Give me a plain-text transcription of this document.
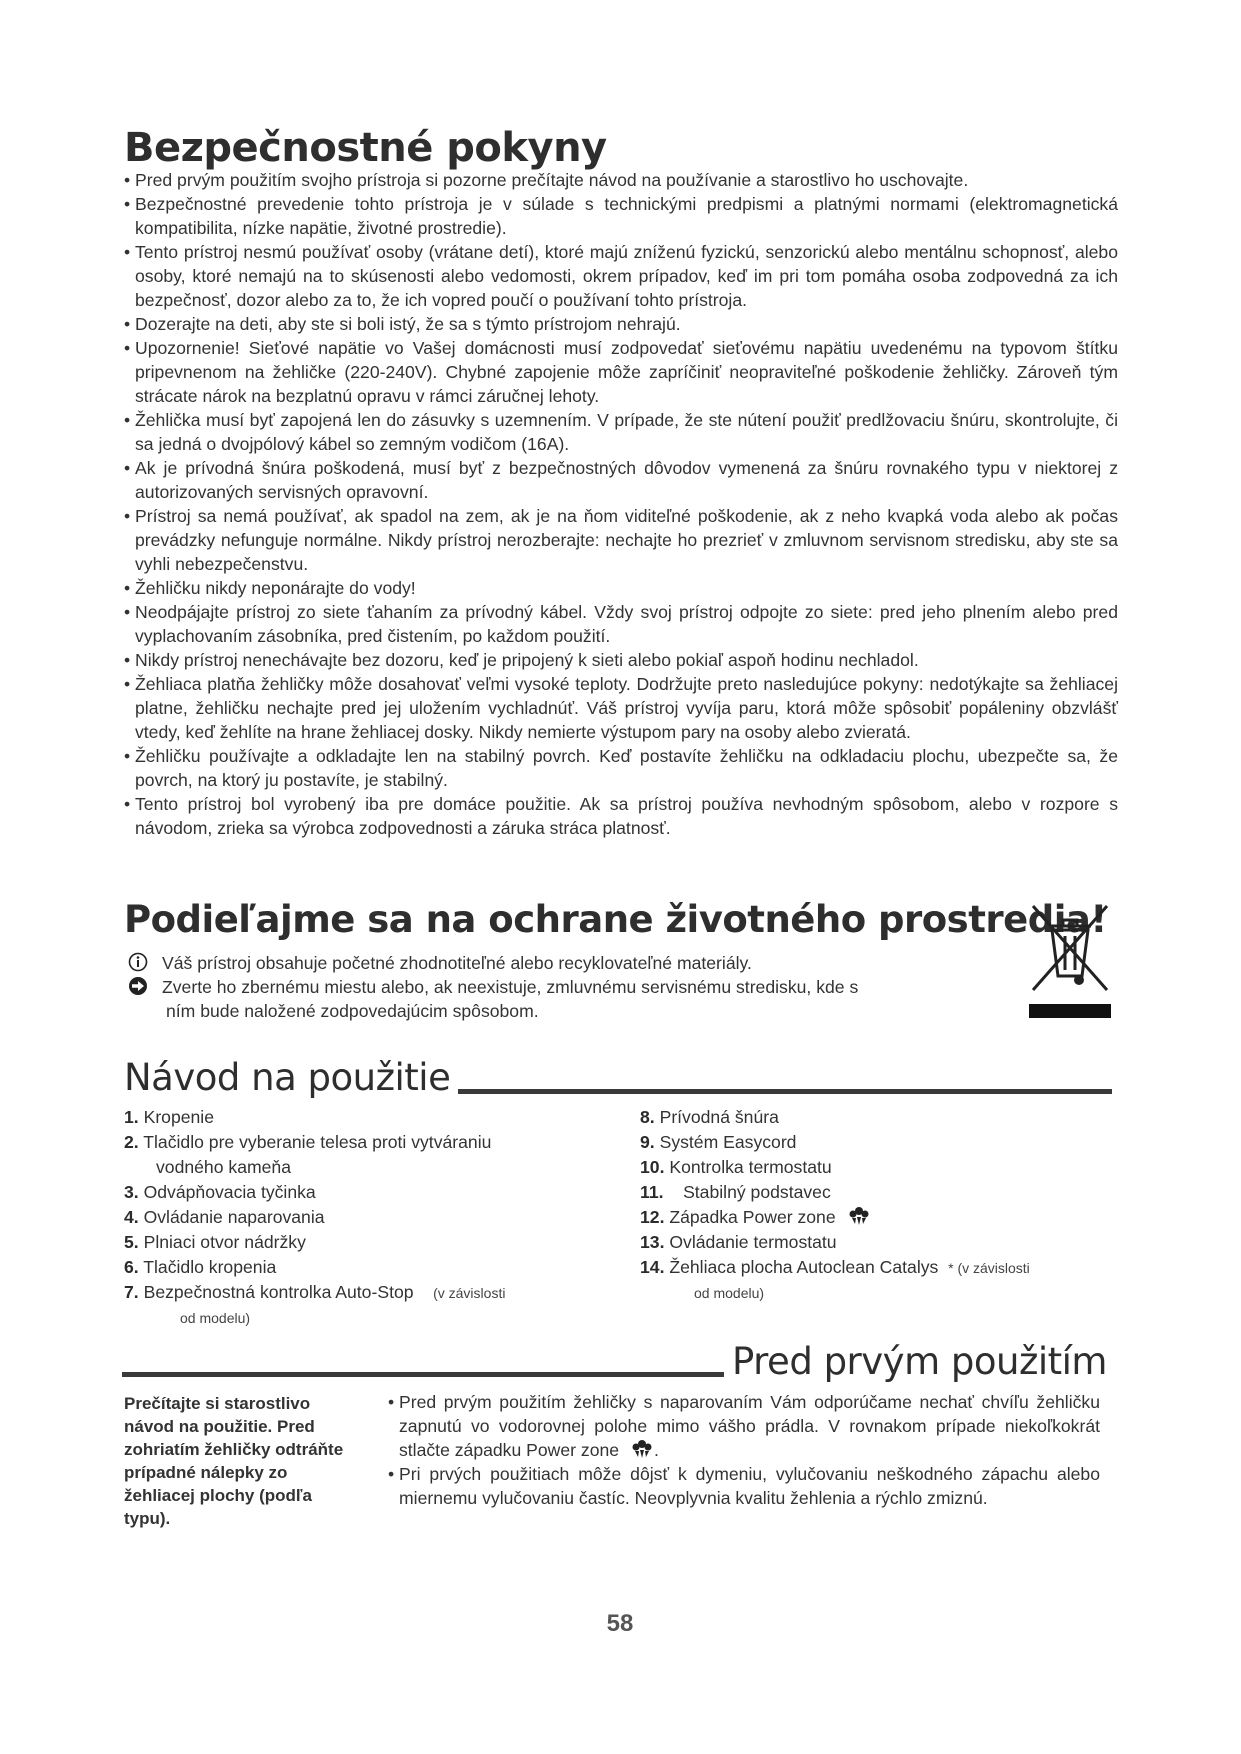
Bezpečnostné pokyny
• Pred prvým použitím svojho prístroja si pozorne prečítajte návod na používanie a starostlivo ho uschovajte.
• Bezpečnostné prevedenie tohto prístroja je v súlade s technickými predpismi a platnými normami (elektromagnetická kompatibilita, nízke napätie, životné prostredie).
• Tento prístroj nesmú používať osoby (vrátane detí), ktoré majú zníženú fyzickú, senzorickú alebo mentálnu schopnosť, alebo osoby, ktoré nemajú na to skúsenosti alebo vedomosti, okrem prípadov, keď im pri tom pomáha osoba zodpovedná za ich bezpečnosť, dozor alebo za to, že ich vopred poučí o používaní tohto prístroja.
• Dozerajte na deti, aby ste si boli istý, že sa s týmto prístrojom nehrajú.
• Upozornenie! Sieťové napätie vo Vašej domácnosti musí zodpovedať sieťovému napätiu uvedenému na typovom štítku pripevnenom na žehličke (220-240V). Chybné zapojenie môže zapríčiniť neopraviteľné poškodenie žehličky. Zároveň tým strácate nárok na bezplatnú opravu v rámci záručnej lehoty.
• Žehlička musí byť zapojená len do zásuvky s uzemnením. V prípade, že ste nútení použiť predlžovaciu šnúru, skontrolujte, či sa jedná o dvojpólový kábel so zemným vodičom (16A).
• Ak je prívodná šnúra poškodená, musí byť z bezpečnostných dôvodov vymenená za šnúru rovnakého typu v niektorej z autorizovaných servisných opravovní.
• Prístroj sa nemá používať, ak spadol na zem, ak je na ňom viditeľné poškodenie, ak z neho kvapká voda alebo ak počas prevádzky nefunguje normálne. Nikdy prístroj nerozberajte: nechajte ho prezrieť v zmluvnom servisnom stredisku, aby ste sa vyhli nebezpečenstvu.
• Žehličku nikdy neponárajte do vody!
• Neodpájajte prístroj zo siete ťahaním za prívodný kábel. Vždy svoj prístroj odpojte zo siete: pred jeho plnením alebo pred vyplachovaním zásobníka, pred čistením, po každom použití.
• Nikdy prístroj nenechávajte bez dozoru, keď je pripojený k sieti alebo pokiaľ aspoň hodinu nechladol.
• Žehliaca platňa žehličky môže dosahovať veľmi vysoké teploty. Dodržujte preto nasledujúce pokyny: nedotýkajte sa žehliacej platne, žehličku nechajte pred jej uložením vychladnúť. Váš prístroj vyvíja paru, ktorá môže spôsobiť popáleniny obzvlášť vtedy, keď žehlíte na hrane žehliacej dosky. Nikdy nemierte výstupom pary na osoby alebo zvieratá.
• Žehličku používajte a odkladajte len na stabilný povrch. Keď postavíte žehličku na odkladaciu plochu, ubezpečte sa, že povrch, na ktorý ju postavíte, je stabilný.
• Tento prístroj bol vyrobený iba pre domáce použitie. Ak sa prístroj používa nevhodným spôsobom, alebo v rozpore s návodom, zrieka sa výrobca zodpovednosti a záruka stráca platnosť.
Podieľajme sa na ochrane životného prostredia!
Váš prístroj obsahuje početné zhodnotiteľné alebo recyklovateľné materiály.
Zverte ho zbernému miestu alebo, ak neexistuje, zmluvnému servisnému stredisku, kde s
ním bude naložené zodpovedajúcim spôsobom.
Návod na použitie
1. Kropenie
2. Tlačidlo pre vyberanie telesa proti vytváraniu
vodného kameňa
3. Odvápňovacia tyčinka
4. Ovládanie naparovania
5. Plniaci otvor nádržky
6. Tlačidlo kropenia
7. Bezpečnostná kontrolka Auto-Stop (v závislosti
od modelu)
8. Prívodná šnúra
9. Systém Easycord
10. Kontrolka termostatu
11. Stabilný podstavec
12. Západka Power zone
13. Ovládanie termostatu
14. Žehliaca plocha Autoclean Catalys * (v závislosti
od modelu)
Pred prvým použitím
Prečítajte si starostlivo návod na použitie. Pred zohriatím žehličky odtráňte prípadné nálepky zo žehliacej plochy (podľa typu).
• Pred prvým použitím žehličky s naparovaním Vám odporúčame nechať chvíľu žehličku zapnutú vo vodorovnej polohe mimo vášho prádla. V rovnakom prípade niekoľkokrát stlačte západku Power zone .
• Pri prvých použitiach môže dôjsť k dymeniu, vylučovaniu neškodného zápachu alebo miernemu vylučovaniu častíc. Neovplyvnia kvalitu žehlenia a rýchlo zmiznú.
58
